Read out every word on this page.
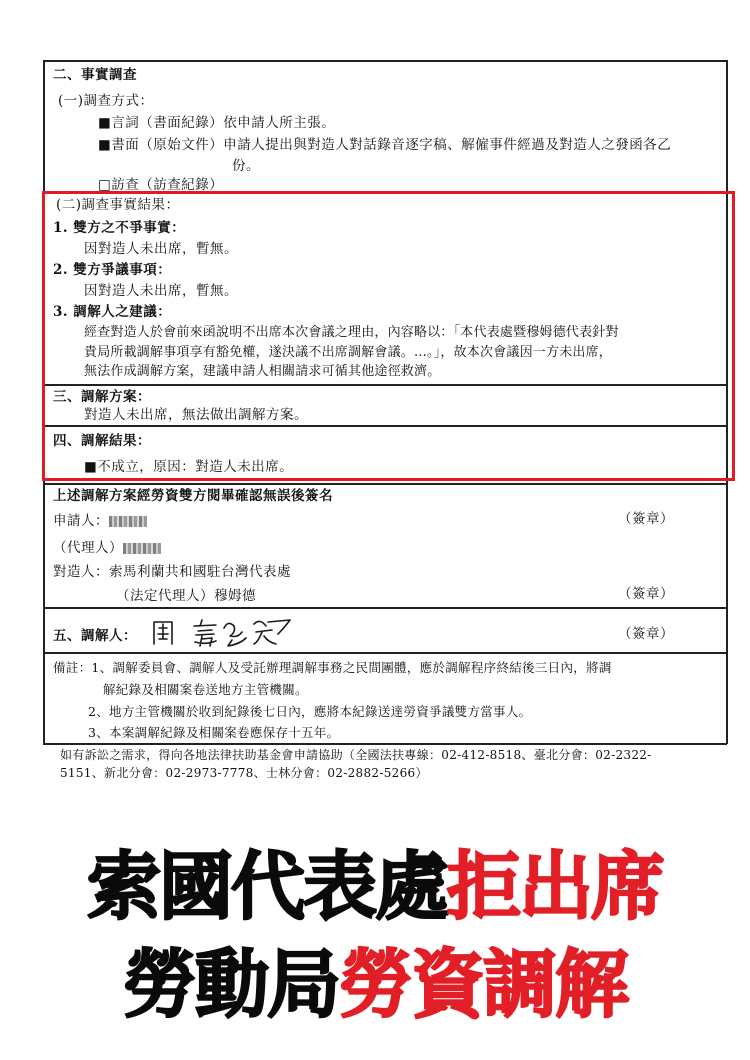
二、事實調查
(一)調查方式：
■言詞（書面紀錄）依申請人所主張。
■書面（原始文件）申請人提出與對造人對話錄音逐字稿、解僱事件經過及對造人之發函各乙
份。
□訪查（訪查紀錄）
(二)調查事實結果：
1. 雙方之不爭事實：
因對造人未出席，暫無。
2. 雙方爭議事項：
因對造人未出席，暫無。
3. 調解人之建議：
經查對造人於會前來函說明不出席本次會議之理由，內容略以：「本代表處暨穆姆德代表針對
貴局所載調解事項享有豁免權，遂決議不出席調解會議。...。」，故本次會議因一方未出席，
無法作成調解方案，建議申請人相關請求可循其他途徑救濟。
三、調解方案：
對造人未出席，無法做出調解方案。
四、調解結果：
■不成立，原因：對造人未出席。
上述調解方案經勞資雙方閱畢確認無誤後簽名
申請人：	（簽章）
（代理人）
對造人：索馬利蘭共和國駐台灣代表處
（法定代理人）穆姆德	（簽章）
五、調解人：	（簽章）
備註：1、調解委員會、調解人及受託辦理調解事務之民間團體，應於調解程序終結後三日內，將調
解紀錄及相關案卷送地方主管機關。
2、地方主管機關於收到紀錄後七日內，應將本紀錄送達勞資爭議雙方當事人。
3、本案調解紀錄及相關案卷應保存十五年。
如有訴訟之需求，得向各地法律扶助基金會申請協助（全國法扶專線：02-412-8518、臺北分會：02-2322-
5151、新北分會：02-2973-7778、士林分會：02-2882-5266）
索國代表處拒出席
勞動局勞資調解
